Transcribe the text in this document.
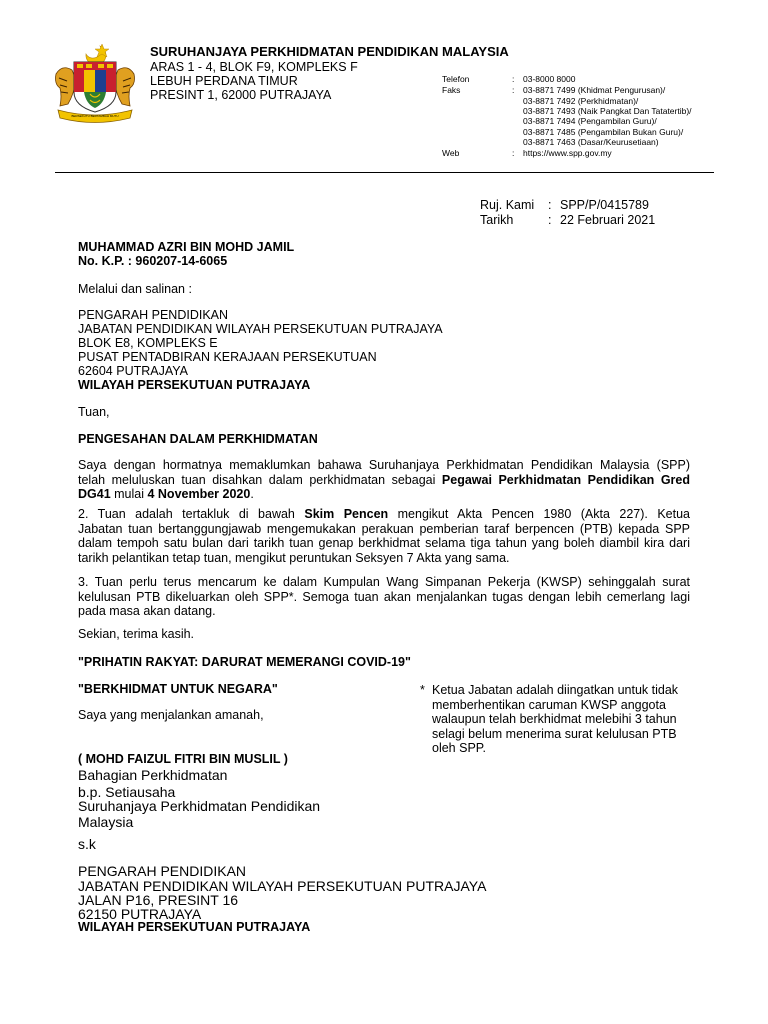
BERSEKUTU BERTAMBAH MUTU
SURUHANJAYA PERKHIDMATAN PENDIDIKAN MALAYSIA
ARAS 1 - 4, BLOK F9, KOMPLEKS F
LEBUH PERDANA TIMUR
PRESINT 1, 62000 PUTRAJAYA
Telefon	: 03-8000 8000
Faks	: 03-8871 7499 (Khidmat Pengurusan)/
03-8871 7492 (Perkhidmatan)/
03-8871 7493 (Naik Pangkat Dan Tatatertib)/
03-8871 7494 (Pengambilan Guru)/
03-8871 7485 (Pengambilan Bukan Guru)/
03-8871 7463 (Dasar/Keurusetiaan)
Web	: https://www.spp.gov.my
Ruj. Kami : SPP/P/0415789
Tarikh	: 22 Februari 2021
MUHAMMAD AZRI BIN MOHD JAMIL
No. K.P. : 960207-14-6065
Melalui dan salinan :
PENGARAH PENDIDIKAN
JABATAN PENDIDIKAN WILAYAH PERSEKUTUAN PUTRAJAYA
BLOK E8, KOMPLEKS E
PUSAT PENTADBIRAN KERAJAAN PERSEKUTUAN
62604 PUTRAJAYA
WILAYAH PERSEKUTUAN PUTRAJAYA
Tuan,
PENGESAHAN DALAM PERKHIDMATAN
Saya dengan hormatnya memaklumkan bahawa Suruhanjaya Perkhidmatan Pendidikan Malaysia (SPP)
telah meluluskan tuan disahkan dalam perkhidmatan sebagai Pegawai Perkhidmatan Pendidikan Gred
DG41 mulai 4 November 2020.
2. Tuan adalah tertakluk di bawah Skim Pencen mengikut Akta Pencen 1980 (Akta 227). Ketua
Jabatan tuan bertanggungjawab mengemukakan perakuan pemberian taraf berpencen (PTB) kepada SPP
dalam tempoh satu bulan dari tarikh tuan genap berkhidmat selama tiga tahun yang boleh diambil kira dari
tarikh pelantikan tetap tuan, mengikut peruntukan Seksyen 7 Akta yang sama.
3. Tuan perlu terus mencarum ke dalam Kumpulan Wang Simpanan Pekerja (KWSP) sehinggalah surat
kelulusan PTB dikeluarkan oleh SPP*. Semoga tuan akan menjalankan tugas dengan lebih cemerlang lagi
pada masa akan datang.
Sekian, terima kasih.
"PRIHATIN RAKYAT: DARURAT MEMERANGI COVID-19"
"BERKHIDMAT UNTUK NEGARA"
Saya yang menjalankan amanah,
* Ketua Jabatan adalah diingatkan untuk tidak
memberhentikan caruman KWSP anggota
walaupun telah berkhidmat melebihi 3 tahun
selagi belum menerima surat kelulusan PTB
oleh SPP.
( MOHD FAIZUL FITRI BIN MUSLIL )
Bahagian Perkhidmatan
b.p. Setiausaha
Suruhanjaya Perkhidmatan Pendidikan
Malaysia
s.k
PENGARAH PENDIDIKAN
JABATAN PENDIDIKAN WILAYAH PERSEKUTUAN PUTRAJAYA
JALAN P16, PRESINT 16
62150 PUTRAJAYA
WILAYAH PERSEKUTUAN PUTRAJAYA
